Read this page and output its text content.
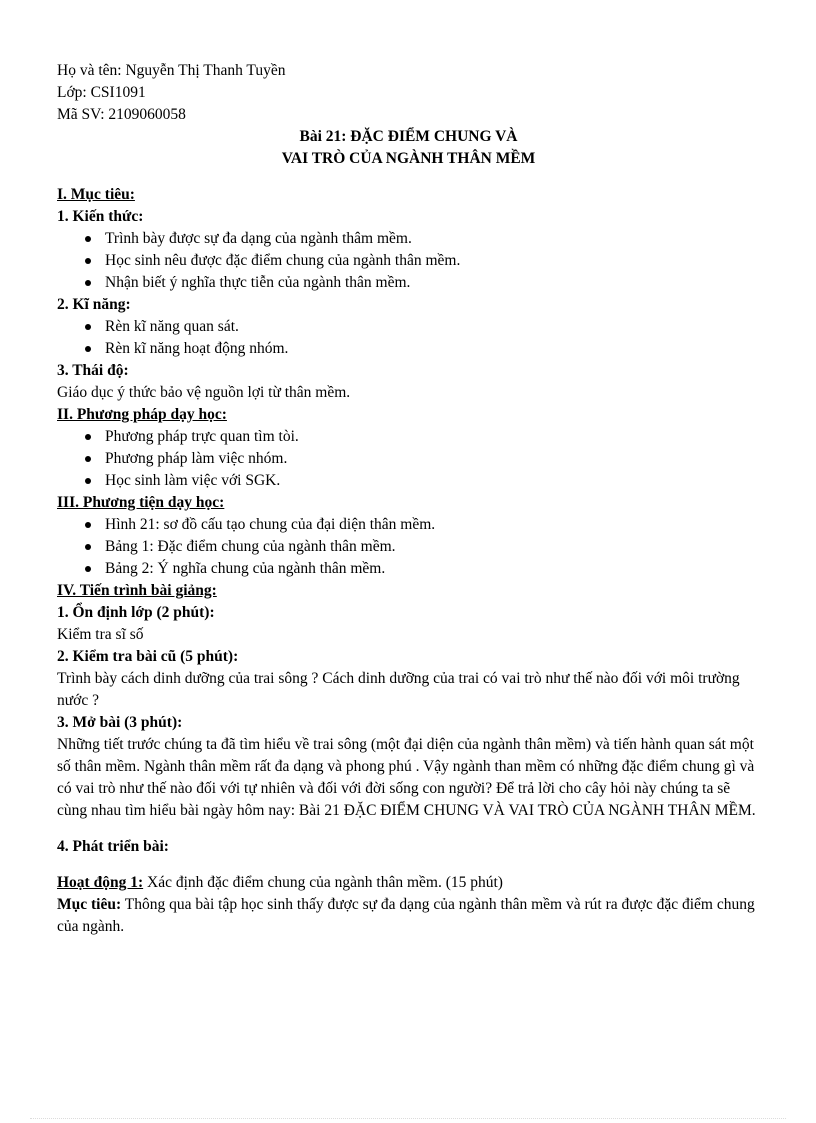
Họ và tên: Nguyễn Thị Thanh Tuyền
Lớp: CSI1091
Mã SV: 2109060058
Bài 21: ĐẶC ĐIỂM CHUNG VÀ
VAI TRÒ CỦA NGÀNH THÂN MỀM
I. Mục tiêu:
1. Kiến thức:
Trình bày được sự đa dạng của ngành thâm mềm.
Học sinh nêu được đặc điểm chung của ngành thân mềm.
Nhận biết ý nghĩa thực tiễn của ngành thân mềm.
2. Kĩ năng:
Rèn kĩ năng quan sát.
Rèn kĩ năng hoạt động nhóm.
3. Thái độ:
Giáo dục ý thức bảo vệ nguồn lợi từ thân mềm.
II. Phương pháp dạy học:
Phương pháp trực quan tìm tòi.
Phương pháp làm việc nhóm.
Học sinh làm việc với SGK.
III. Phương tiện dạy học:
Hình 21: sơ đồ cấu tạo chung của đại diện thân mềm.
Bảng 1: Đặc điểm chung của ngành thân mềm.
Bảng 2: Ý nghĩa chung của ngành thân mềm.
IV. Tiến trình bài giảng:
1. Ổn định lớp (2 phút):
Kiểm tra sĩ số
2. Kiểm tra bài cũ (5 phút):
Trình bày cách dinh dưỡng của trai sông ? Cách dinh dưỡng của trai có vai trò như thế nào đối với môi trường nước ?
3. Mở bài (3 phút):
Những tiết trước chúng ta đã tìm hiểu về trai sông (một đại diện của ngành thân mềm) và tiến hành quan sát một số thân mềm. Ngành thân mềm rất đa dạng và phong phú . Vậy ngành than mềm có những đặc điểm chung gì và có vai trò như thế nào đối với tự nhiên và đối với đời sống con người? Để trả lời cho cây hỏi này chúng ta sẽ cùng nhau tìm hiểu bài ngày hôm nay: Bài 21 ĐẶC ĐIỂM CHUNG VÀ VAI TRÒ CỦA NGÀNH THÂN MỀM.
4. Phát triển bài:
Hoạt động 1: Xác định đặc điểm chung của ngành thân mềm. (15 phút)
Mục tiêu: Thông qua bài tập học sinh thấy được sự đa dạng của ngành thân mềm và rút ra được đặc điểm chung của ngành.
